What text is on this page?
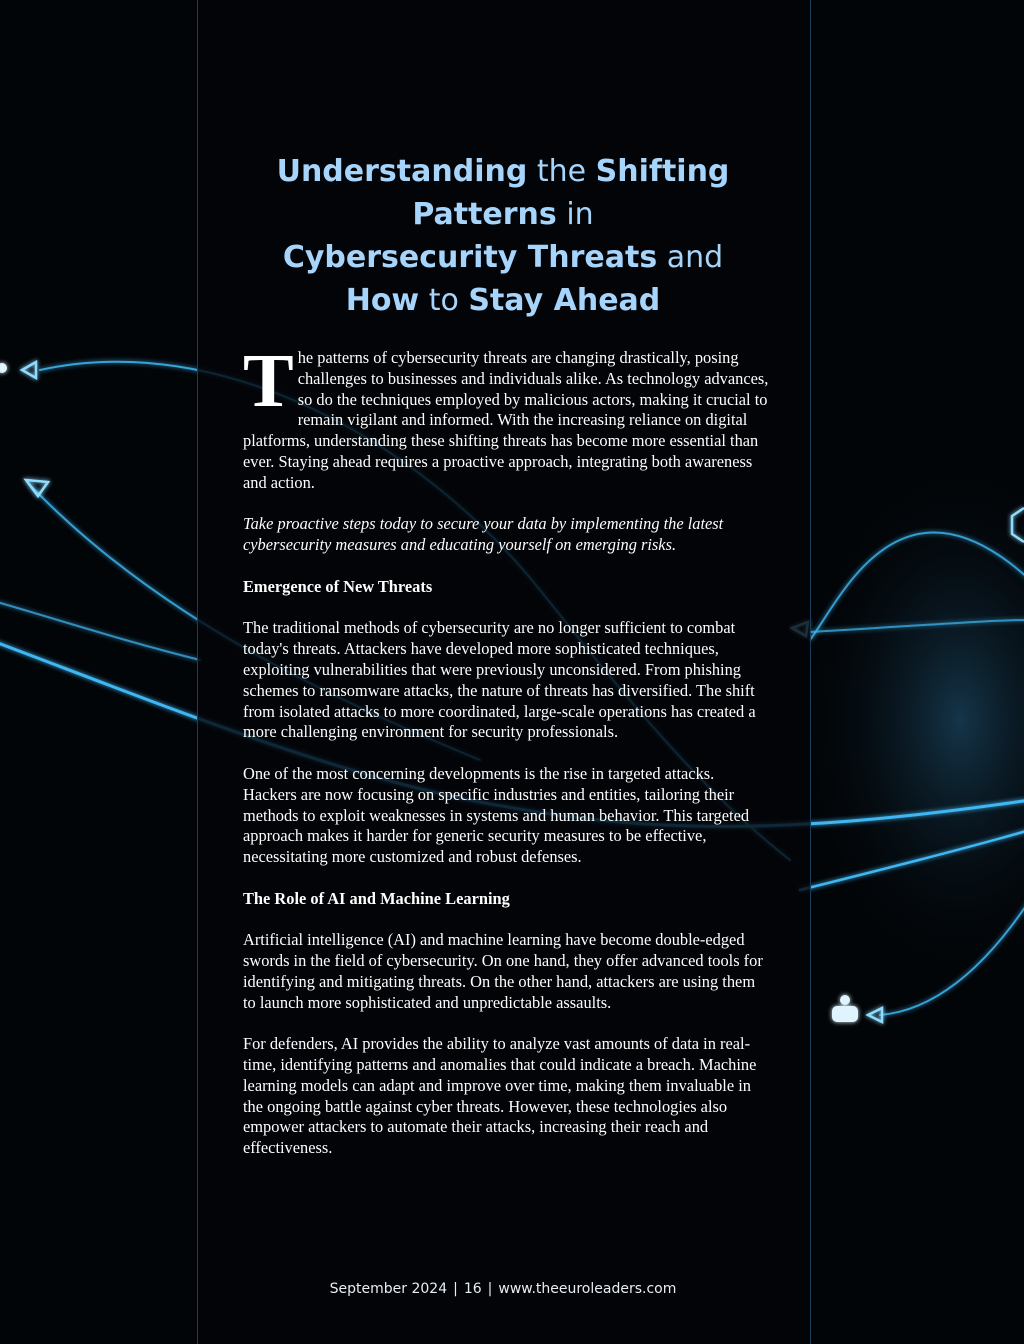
Understanding the Shifting
Patterns in
Cybersecurity Threats and
How to Stay Ahead

The patterns of cybersecurity threats are changing drastically, posing challenges to businesses and individuals alike. As technology advances, so do the techniques employed by malicious actors, making it crucial to remain vigilant and informed. With the increasing reliance on digital platforms, understanding these shifting threats has become more essential than ever. Staying ahead requires a proactive approach, integrating both awareness and action.

Take proactive steps today to secure your data by implementing the latest cybersecurity measures and educating yourself on emerging risks.

Emergence of New Threats

The traditional methods of cybersecurity are no longer sufficient to combat today's threats. Attackers have developed more sophisticated techniques, exploiting vulnerabilities that were previously unconsidered. From phishing schemes to ransomware attacks, the nature of threats has diversified. The shift from isolated attacks to more coordinated, large-scale operations has created a more challenging environment for security professionals.

One of the most concerning developments is the rise in targeted attacks. Hackers are now focusing on specific industries and entities, tailoring their methods to exploit weaknesses in systems and human behavior. This targeted approach makes it harder for generic security measures to be effective, necessitating more customized and robust defenses.

The Role of AI and Machine Learning

Artificial intelligence (AI) and machine learning have become double-edged swords in the field of cybersecurity. On one hand, they offer advanced tools for identifying and mitigating threats. On the other hand, attackers are using them to launch more sophisticated and unpredictable assaults.

For defenders, AI provides the ability to analyze vast amounts of data in real-time, identifying patterns and anomalies that could indicate a breach. Machine learning models can adapt and improve over time, making them invaluable in the ongoing battle against cyber threats. However, these technologies also empower attackers to automate their attacks, increasing their reach and effectiveness.

September 2024 | 16 | www.theeuroleaders.com
